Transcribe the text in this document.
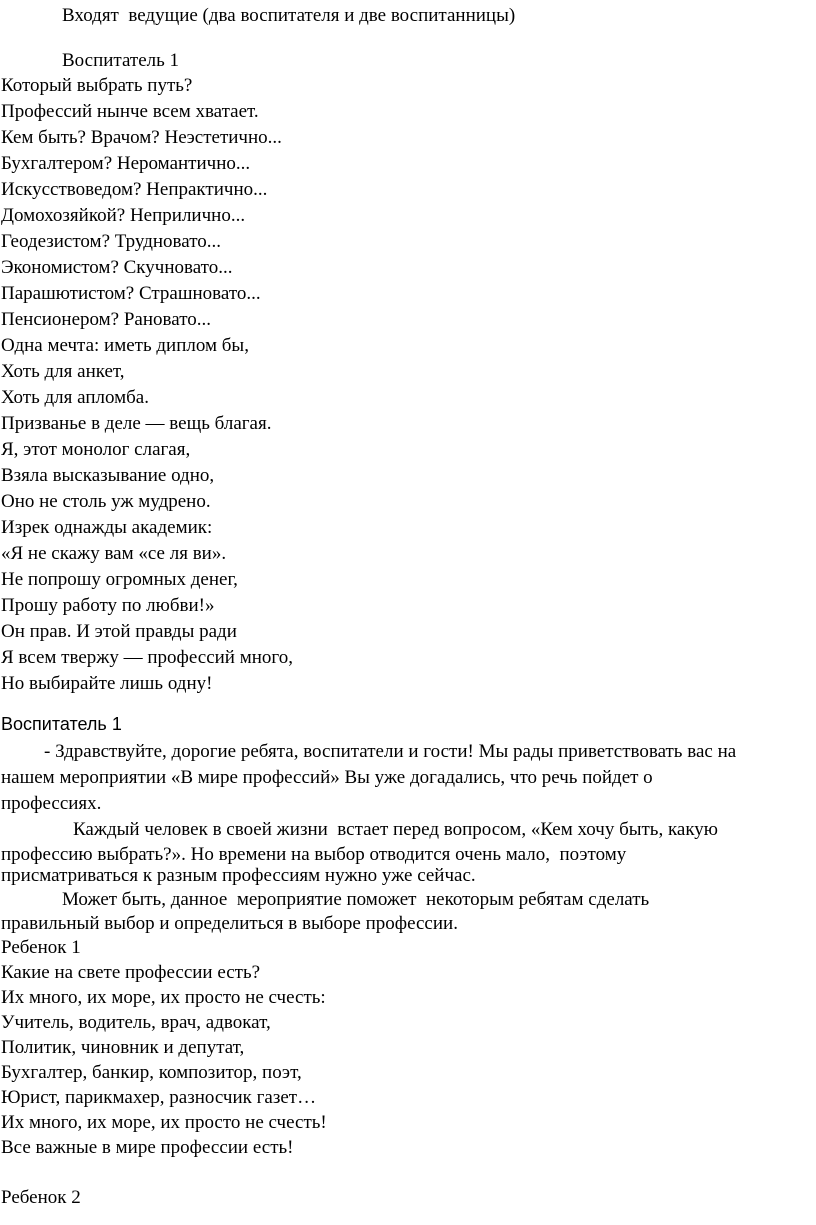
Входят  ведущие (два воспитателя и две воспитанницы)
Воспитатель 1
Который выбрать путь?
Профессий нынче всем хватает.
Кем быть? Врачом? Неэстетично...
Бухгалтером? Неромантично...
Искусствоведом? Непрактично...
Домохозяйкой? Неприлично...
Геодезистом? Трудновато...
Экономистом? Скучновато...
Парашютистом? Страшновато...
Пенсионером? Рановато...
Одна мечта: иметь диплом бы,
Хоть для анкет,
Хоть для апломба.
Призванье в деле — вещь благая.
Я, этот монолог слагая,
Взяла высказывание одно,
Оно не столь уж мудрено.
Изрек однажды академик:
«Я не скажу вам «се ля ви».
Не попрошу огромных денег,
Прошу работу по любви!»
Он прав. И этой правды ради
Я всем твержу — профессий много,
Но выбирайте лишь одну!
Воспитатель 1
- Здравствуйте, дорогие ребята, воспитатели и гости! Мы рады приветствовать вас на
нашем мероприятии «В мире профессий» Вы уже догадались, что речь пойдет о
профессиях.
Каждый человек в своей жизни  встает перед вопросом, «Кем хочу быть, какую
профессию выбрать?». Но времени на выбор отводится очень мало,  поэтому
присматриваться к разным профессиям нужно уже сейчас.
Может быть, данное  мероприятие поможет  некоторым ребятам сделать
правильный выбор и определиться в выборе профессии.
Ребенок 1
Какие на свете профессии есть?
Их много, их море, их просто не счесть:
Учитель, водитель, врач, адвокат,
Политик, чиновник и депутат,
Бухгалтер, банкир, композитор, поэт,
Юрист, парикмахер, разносчик газет…
Их много, их море, их просто не счесть!
Все важные в мире профессии есть!
Ребенок 2
